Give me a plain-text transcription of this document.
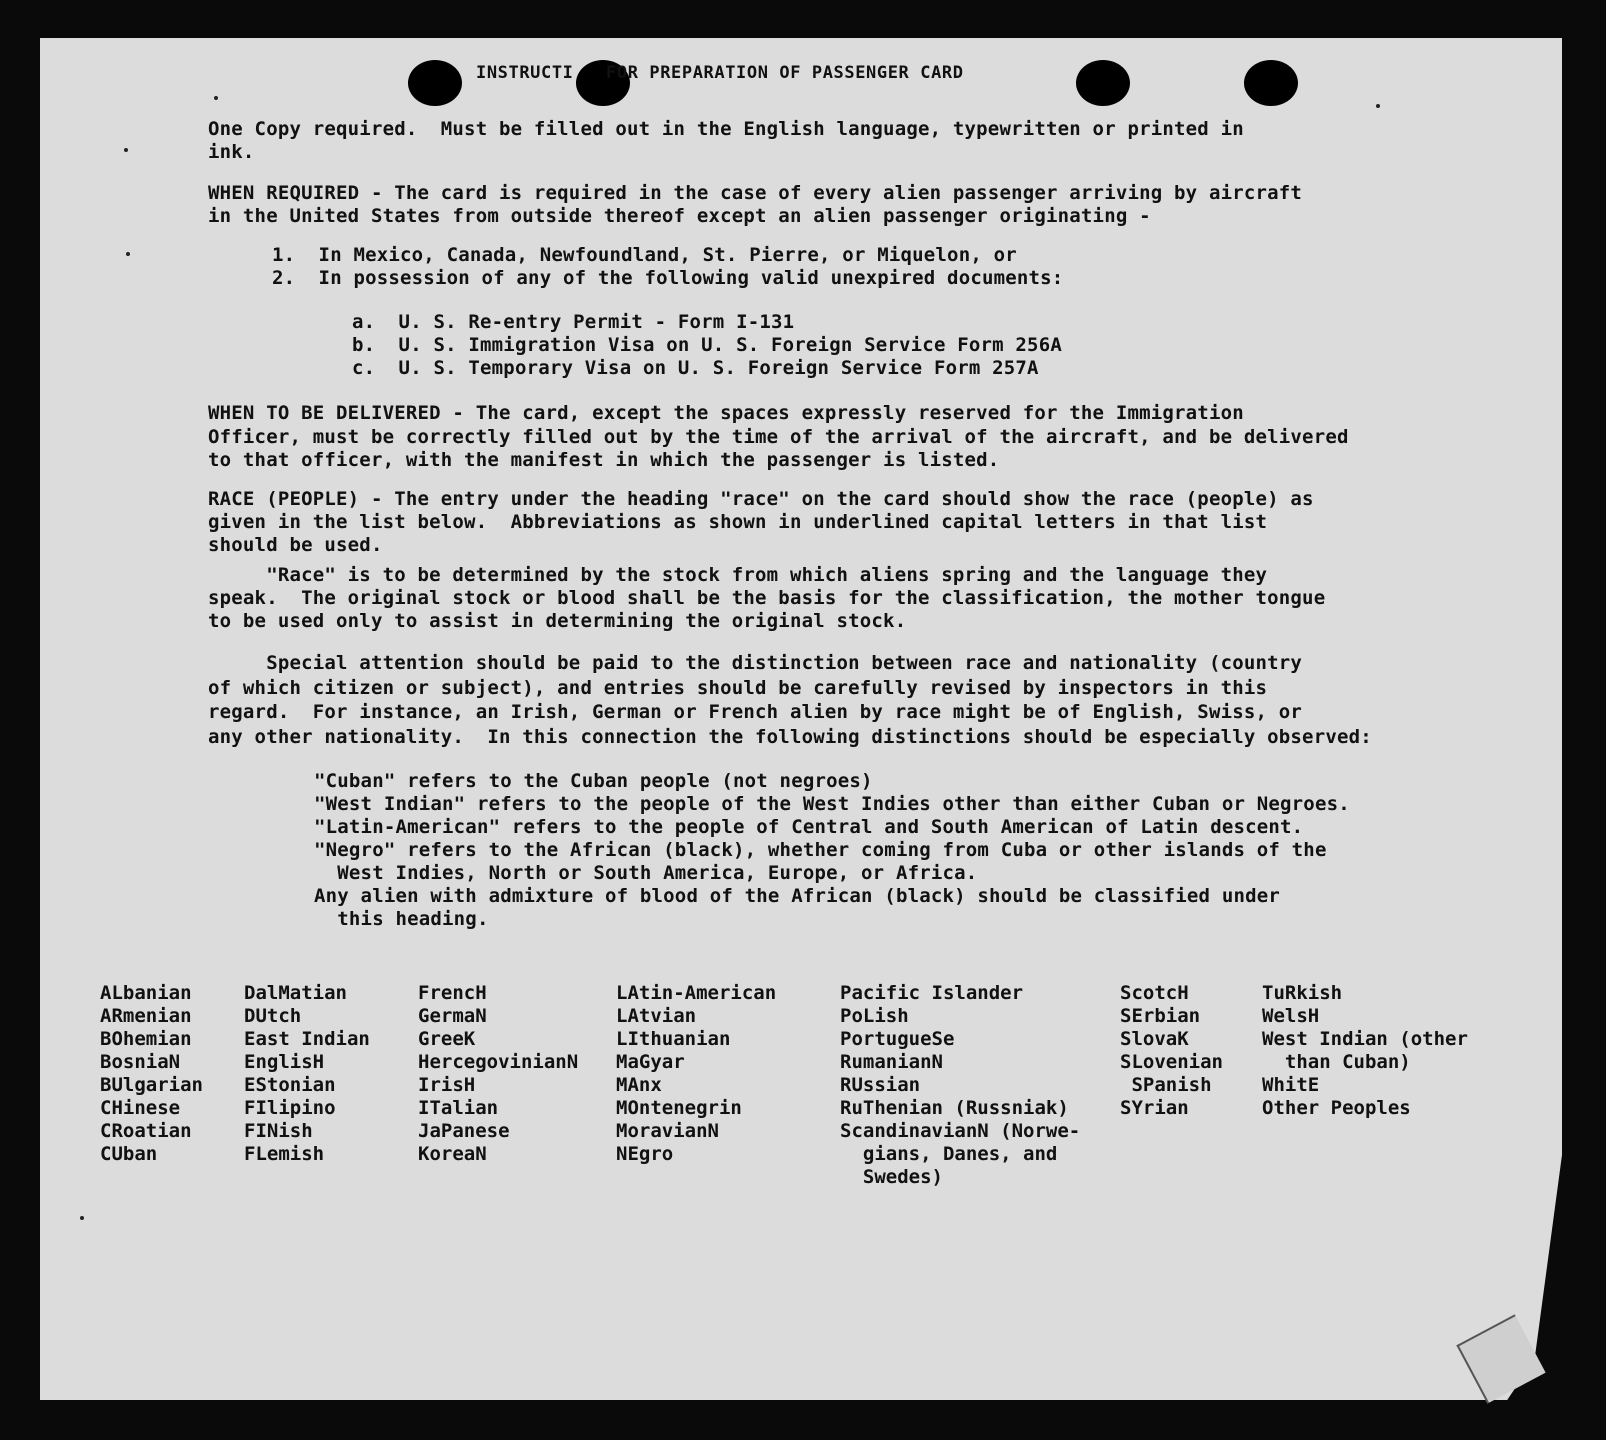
INSTRUCTI   FOR PREPARATION OF PASSENGER CARD
One Copy required.  Must be filled out in the English language, typewritten or printed in
ink.
WHEN REQUIRED - The card is required in the case of every alien passenger arriving by aircraft
in the United States from outside thereof except an alien passenger originating -
1.  In Mexico, Canada, Newfoundland, St. Pierre, or Miquelon, or
2.  In possession of any of the following valid unexpired documents:
a.  U. S. Re-entry Permit - Form I-131
b.  U. S. Immigration Visa on U. S. Foreign Service Form 256A
c.  U. S. Temporary Visa on U. S. Foreign Service Form 257A
WHEN TO BE DELIVERED - The card, except the spaces expressly reserved for the Immigration
Officer, must be correctly filled out by the time of the arrival of the aircraft, and be delivered
to that officer, with the manifest in which the passenger is listed.
RACE (PEOPLE) - The entry under the heading "race" on the card should show the race (people) as
given in the list below.  Abbreviations as shown in underlined capital letters in that list
should be used.
"Race" is to be determined by the stock from which aliens spring and the language they
speak.  The original stock or blood shall be the basis for the classification, the mother tongue
to be used only to assist in determining the original stock.
Special attention should be paid to the distinction between race and nationality (country
of which citizen or subject), and entries should be carefully revised by inspectors in this
regard.  For instance, an Irish, German or French alien by race might be of English, Swiss, or
any other nationality.  In this connection the following distinctions should be especially observed:
"Cuban" refers to the Cuban people (not negroes)
"West Indian" refers to the people of the West Indies other than either Cuban or Negroes.
"Latin-American" refers to the people of Central and South American of Latin descent.
"Negro" refers to the African (black), whether coming from Cuba or other islands of the
West Indies, North or South America, Europe, or Africa.
Any alien with admixture of blood of the African (black) should be classified under
this heading.
ALbanian
ARmenian
BOhemian
BosniaN
BUlgarian
CHinese
CRoatian
CUban
DalMatian
DUtch
East Indian
EnglisH
EStonian
FIlipino
FINish
FLemish
FrencH
GermaN
GreeK
HercegovinianN
IrisH
ITalian
JaPanese
KoreaN
LAtin-American
LAtvian
LIthuanian
MaGyar
MAnx
MOntenegrin
MoravianN
NEgro
Pacific Islander
PoLish
PortugueSe
RumanianN
RUssian
RuThenian (Russniak)
ScandinavianN (Norwe-
gians, Danes, and
Swedes)
ScotcH
SErbian
SlovaK
SLovenian
SPanish
SYrian
TuRkish
WelsH
West Indian (other
than Cuban)
WhitE
Other Peoples
